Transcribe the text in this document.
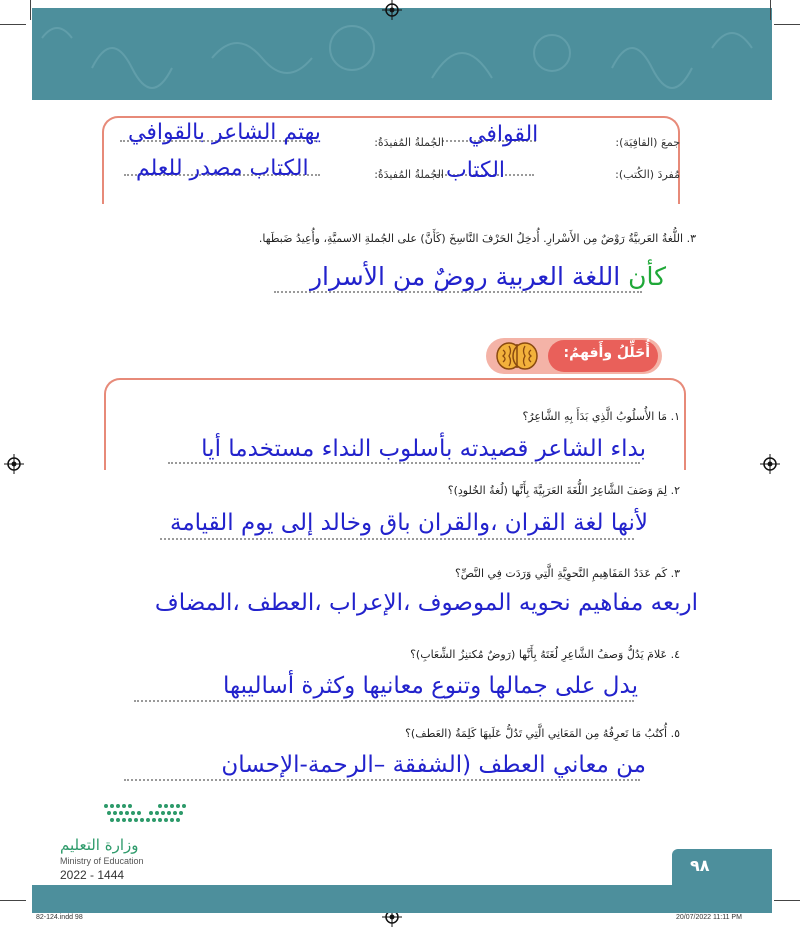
جمعَ (القافِيَة):
القوافي
الجُملةُ المُفيدَةُ:
يهتم الشاعر بالقوافي
مُفردَ (الكُتب):
الكتاب
الجُملةُ المُفيدَةُ:
الكتاب مصدر للعلم
٣. اللُّغةُ العَربيَّةُ رَوْضٌ مِن الأَسْرارِ. أُدخِلُ الحَرْفَ النَّاسِخَ (كَأَنَّ) على الجُملةِ الاسميَّةِ، وأُعِيدُ ضَبطَها.
كأن اللغة العربية روضٌ من الأسرار
أُحَلِّلُ وأَفهمُ:
١. مَا الأُسلُوبُ الَّذِي بَدَأَ بِهِ الشَّاعِرُ؟
بداء الشاعر قصيدته بأسلوب النداء مستخدما أيا
٢. لِمَ وَصَفَ الشَّاعِرُ اللُّغَةَ العَرَبِيَّةَ بِأَنَّها (لُغةُ الخُلودِ)؟
لأنها لغة القران ،والقران باق وخالد إلى يوم القيامة
٣. كَم عَدَدُ المَفَاهِيمِ النَّحوِيَّةِ الَّتِي وَرَدَت فِي النَّصِّ؟
اربعه مفاهيم نحويه الموصوف ،الإعراب ،العطف ،المضاف
٤. عَلامَ يَدُلُّ وَصفُ الشَّاعِرِ لُغَتَهُ بِأَنَّها (رَوضٌ مُكتنِزُ الشِّعَابِ)؟
يدل على جمالها وتنوع معانيها وكثرة أساليبها
٥. أُكتُبُ مَا تَعرِفُهُ مِن المَعَانِي الَّتِي تَدُلُّ عَلَيهَا كَلِمَةُ (العَطف)؟
من معاني العطف (الشفقة –الرحمة-الإحسان
وزارة التعليم
Ministry of Education
2022 - 1444	٩٨
82-124.indd 98	20/07/2022 11:11 PM
